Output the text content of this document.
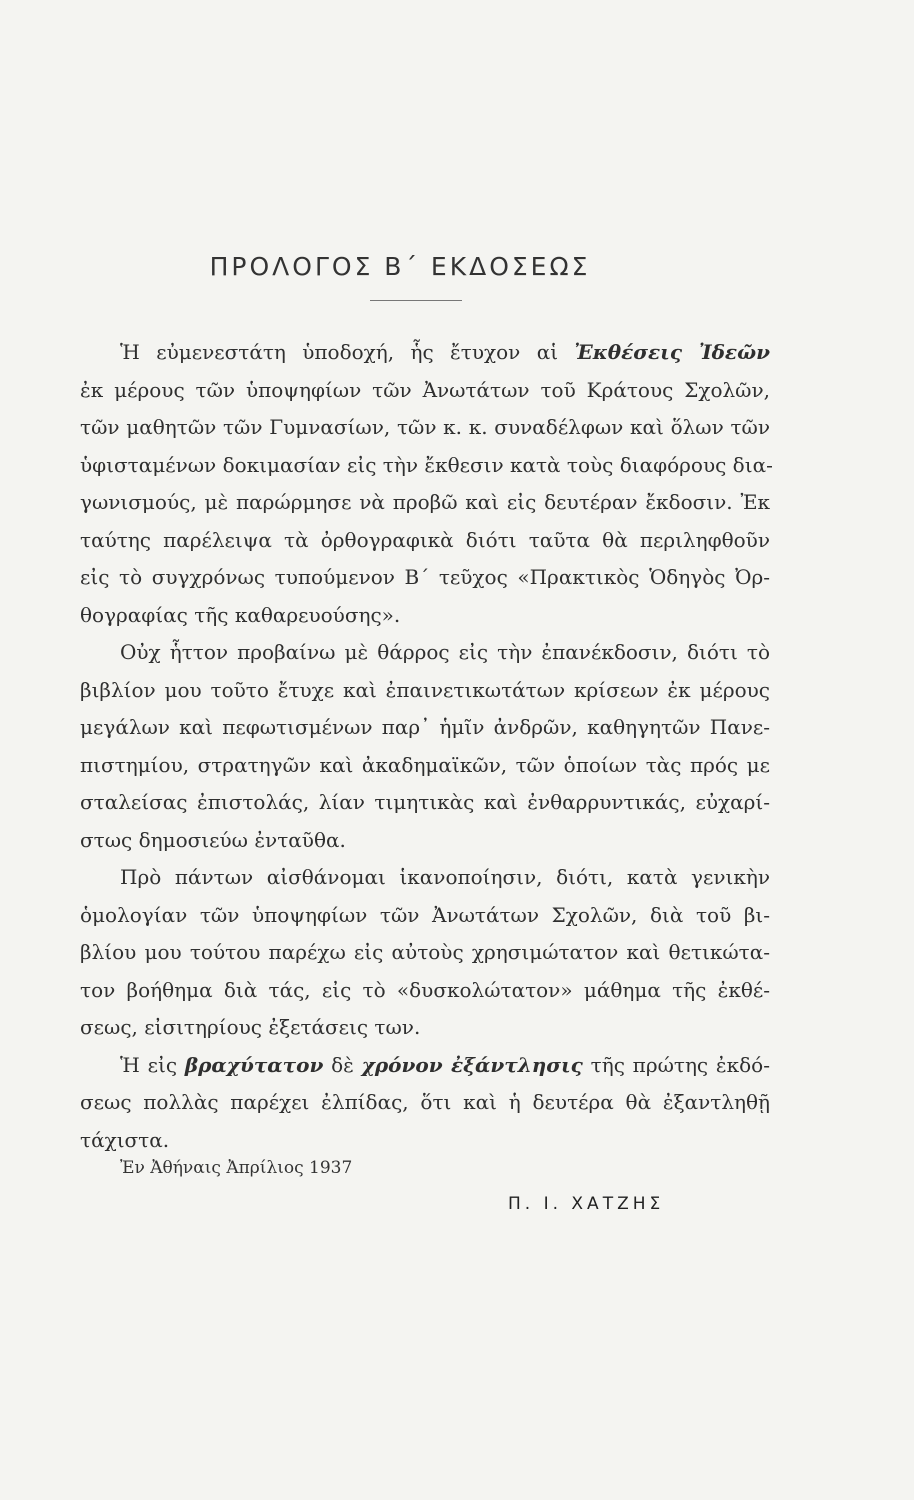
ΠΡΟΛΟΓΟΣ Β΄ ΕΚΔΟΣΕΩΣ
Ἡ εὐμενεστάτη ὑποδοχή, ἧς ἔτυχον αἱ Ἐκθέσεις Ἰδεῶν
ἐκ μέρους τῶν ὑποψηφίων τῶν Ἀνωτάτων τοῦ Κράτους Σχολῶν,
τῶν μαθητῶν τῶν Γυμνασίων, τῶν κ. κ. συναδέλφων καὶ ὅλων τῶν
ὑφισταμένων δοκιμασίαν εἰς τὴν ἔκθεσιν κατὰ τοὺς διαφόρους δια-
γωνισμούς, μὲ παρώρμησε νὰ προβῶ καὶ εἰς δευτέραν ἔκδοσιν. Ἐκ
ταύτης παρέλειψα τὰ ὀρθογραφικὰ διότι ταῦτα θὰ περιληφθοῦν
εἰς τὸ συγχρόνως τυπούμενον Β΄ τεῦχος «Πρακτικὸς Ὁδηγὸς Ὀρ-
θογραφίας τῆς καθαρευούσης».
Οὐχ ἧττον προβαίνω μὲ θάρρος εἰς τὴν ἐπανέκδοσιν, διότι τὸ
βιβλίον μου τοῦτο ἔτυχε καὶ ἐπαινετικωτάτων κρίσεων ἐκ μέρους
μεγάλων καὶ πεφωτισμένων παρ᾿ ἡμῖν ἀνδρῶν, καθηγητῶν Πανε-
πιστημίου, στρατηγῶν καὶ ἀκαδημαϊκῶν, τῶν ὁποίων τὰς πρός με
σταλείσας ἐπιστολάς, λίαν τιμητικὰς καὶ ἐνθαρρυντικάς, εὐχαρί-
στως δημοσιεύω ἐνταῦθα.
Πρὸ πάντων αἰσθάνομαι ἱκανοποίησιν, διότι, κατὰ γενικὴν
ὁμολογίαν τῶν ὑποψηφίων τῶν Ἀνωτάτων Σχολῶν, διὰ τοῦ βι-
βλίου μου τούτου παρέχω εἰς αὐτοὺς χρησιμώτατον καὶ θετικώτα-
τον βοήθημα διὰ τάς, εἰς τὸ «δυσκολώτατον» μάθημα τῆς ἐκθέ-
σεως, εἰσιτηρίους ἐξετάσεις των.
Ἡ εἰς βραχύτατον δὲ χρόνον ἐξάντλησις τῆς πρώτης ἐκδό-
σεως πολλὰς παρέχει ἐλπίδας, ὅτι καὶ ἡ δευτέρα θὰ ἐξαντληθῇ
τάχιστα.
Ἐν Ἀθήναις Ἀπρίλιος 1937
Π. Ι. ΧΑΤΖΗΣ
